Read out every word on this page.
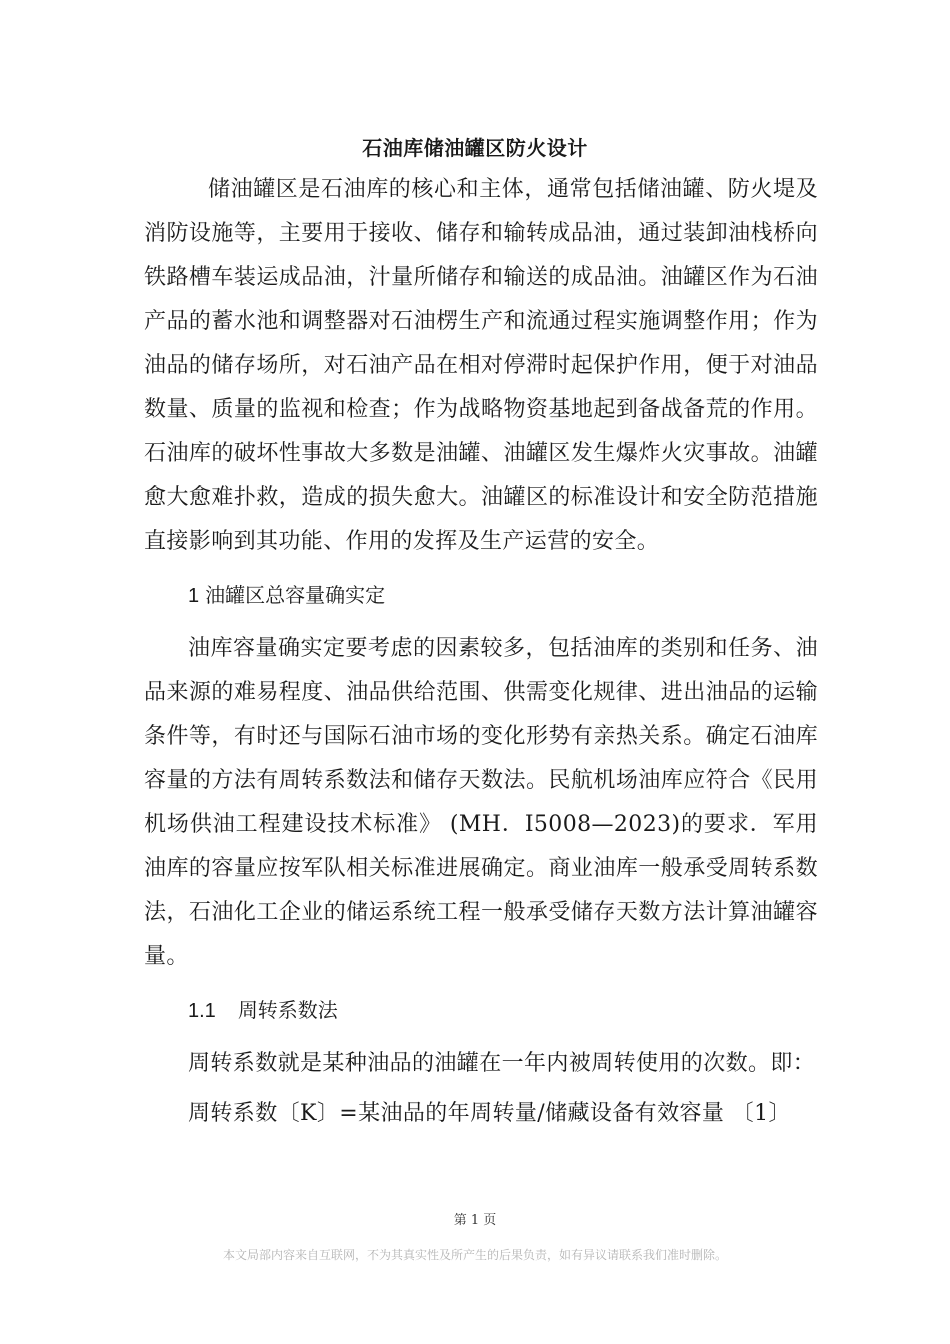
石油库储油罐区防火设计

储油罐区是石油库的核心和主体，通常包括储油罐、防火堤及消防设施等，主要用于接收、储存和输转成品油，通过装卸油栈桥向铁路槽车装运成品油，汁量所储存和输送的成品油。油罐区作为石油产品的蓄水池和调整器对石油楞生产和流通过程实施调整作用；作为油品的储存场所，对石油产品在相对停滞时起保护作用，便于对油品数量、质量的监视和检查；作为战略物资基地起到备战备荒的作用。石油库的破坏性事故大多数是油罐、油罐区发生爆炸火灾事故。油罐愈大愈难扑救，造成的损失愈大。油罐区的标准设计和安全防范措施直接影响到其功能、作用的发挥及生产运营的安全。

1 油罐区总容量确实定

油库容量确实定要考虑的因素较多，包括油库的类别和任务、油品来源的难易程度、油品供给范围、供需变化规律、进出油品的运输条件等，有时还与国际石油市场的变化形势有亲热关系。确定石油库容量的方法有周转系数法和储存天数法。民航机场油库应符合《民用机场供油工程建设技术标准》 (MH．I5008—2023)的要求．军用油库的容量应按军队相关标准进展确定。商业油库一般承受周转系数法，石油化工企业的储运系统工程一般承受储存天数方法计算油罐容量。

1.1 周转系数法

周转系数就是某种油品的油罐在一年内被周转使用的次数。即：

周转系数〔K〕=某油品的年周转量/储藏设备有效容量 〔1〕

第 1 页
本文局部内容来自互联网，不为其真实性及所产生的后果负责，如有异议请联系我们准时删除。
